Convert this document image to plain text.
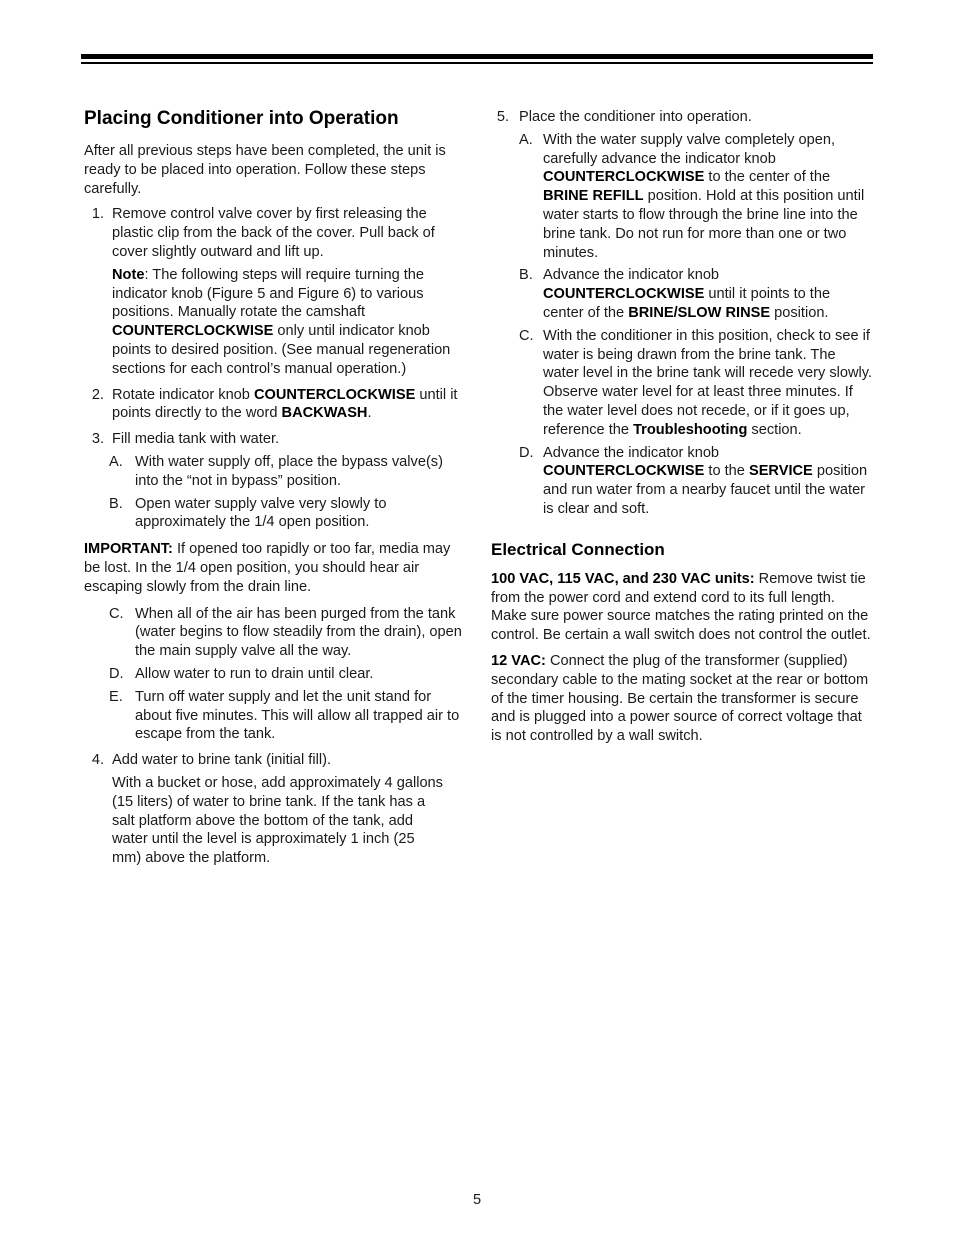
Placing Conditioner into Operation

After all previous steps have been completed, the unit is ready to be placed into operation. Follow these steps carefully.

1. Remove control valve cover by first releasing the plastic clip from the back of the cover. Pull back of cover slightly outward and lift up.

Note: The following steps will require turning the indicator knob (Figure 5 and Figure 6) to various positions. Manually rotate the camshaft COUNTERCLOCKWISE only until indicator knob points to desired position. (See manual regeneration sections for each control’s manual operation.)

2. Rotate indicator knob COUNTERCLOCKWISE until it points directly to the word BACKWASH.
3. Fill media tank with water.
A. With water supply off, place the bypass valve(s) into the “not in bypass” position.
B. Open water supply valve very slowly to approximately the 1/4 open position.

IMPORTANT: If opened too rapidly or too far, media may be lost. In the 1/4 open position, you should hear air escaping slowly from the drain line.

C. When all of the air has been purged from the tank (water begins to flow steadily from the drain), open the main supply valve all the way.
D. Allow water to run to drain until clear.
E. Turn off water supply and let the unit stand for about five minutes. This will allow all trapped air to escape from the tank.
4. Add water to brine tank (initial fill).

With a bucket or hose, add approximately 4 gallons (15 liters) of water to brine tank. If the tank has a salt platform above the bottom of the tank, add water until the level is approximately 1 inch (25 mm) above the platform.

5. Place the conditioner into operation.
A. With the water supply valve completely open, carefully advance the indicator knob COUNTERCLOCKWISE to the center of the BRINE REFILL position. Hold at this position until water starts to flow through the brine line into the brine tank. Do not run for more than one or two minutes.
B. Advance the indicator knob COUNTERCLOCKWISE until it points to the center of the BRINE/SLOW RINSE position.
C. With the conditioner in this position, check to see if water is being drawn from the brine tank. The water level in the brine tank will recede very slowly. Observe water level for at least three minutes. If the water level does not recede, or if it goes up, reference the Troubleshooting section.
D. Advance the indicator knob COUNTERCLOCKWISE to the SERVICE position and run water from a nearby faucet until the water is clear and soft.
Electrical Connection

100 VAC, 115 VAC, and 230 VAC units: Remove twist tie from the power cord and extend cord to its full length. Make sure power source matches the rating printed on the control. Be certain a wall switch does not control the outlet.

12 VAC: Connect the plug of the transformer (supplied) secondary cable to the mating socket at the rear or bottom of the timer housing. Be certain the transformer is secure and is plugged into a power source of correct voltage that is not controlled by a wall switch.

5
